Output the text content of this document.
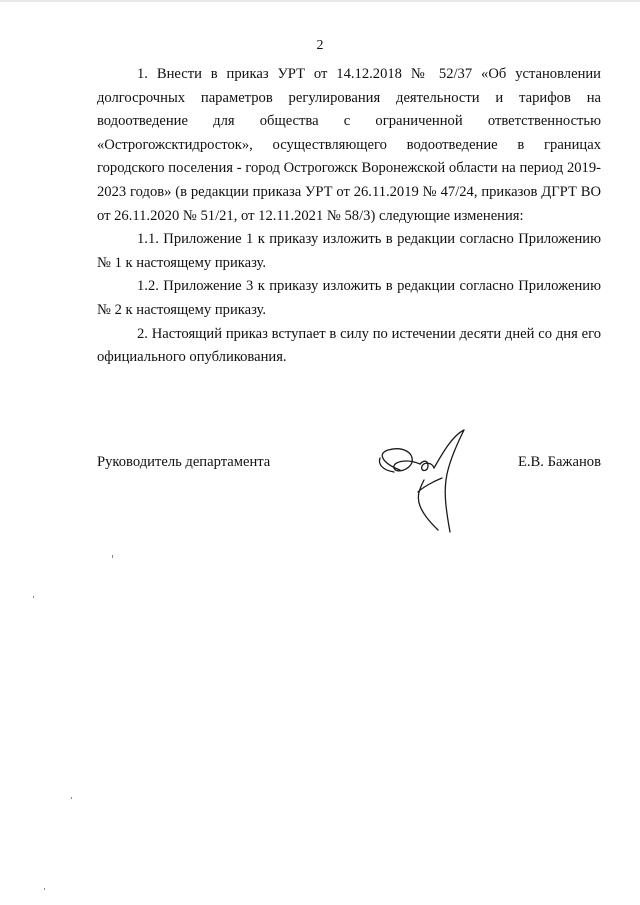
2

1. Внести в приказ УРТ от 14.12.2018 № 52/37 «Об установлении долгосрочных параметров регулирования деятельности и тарифов на водоотведение для общества с ограниченной ответственностью «Острогожсктидросток», осуществляющего водоотведение в границах городского поселения - город Острогожск Воронежской области на период 2019-2023 годов» (в редакции приказа УРТ от 26.11.2019 № 47/24, приказов ДГРТ ВО от 26.11.2020 № 51/21, от 12.11.2021 № 58/3) следующие изменения:

1.1. Приложение 1 к приказу изложить в редакции согласно Приложению № 1 к настоящему приказу.

1.2. Приложение 3 к приказу изложить в редакции согласно Приложению № 2 к настоящему приказу.

2. Настоящий приказ вступает в силу по истечении десяти дней со дня его официального опубликования.

Руководитель департамента	Е.В. Бажанов
